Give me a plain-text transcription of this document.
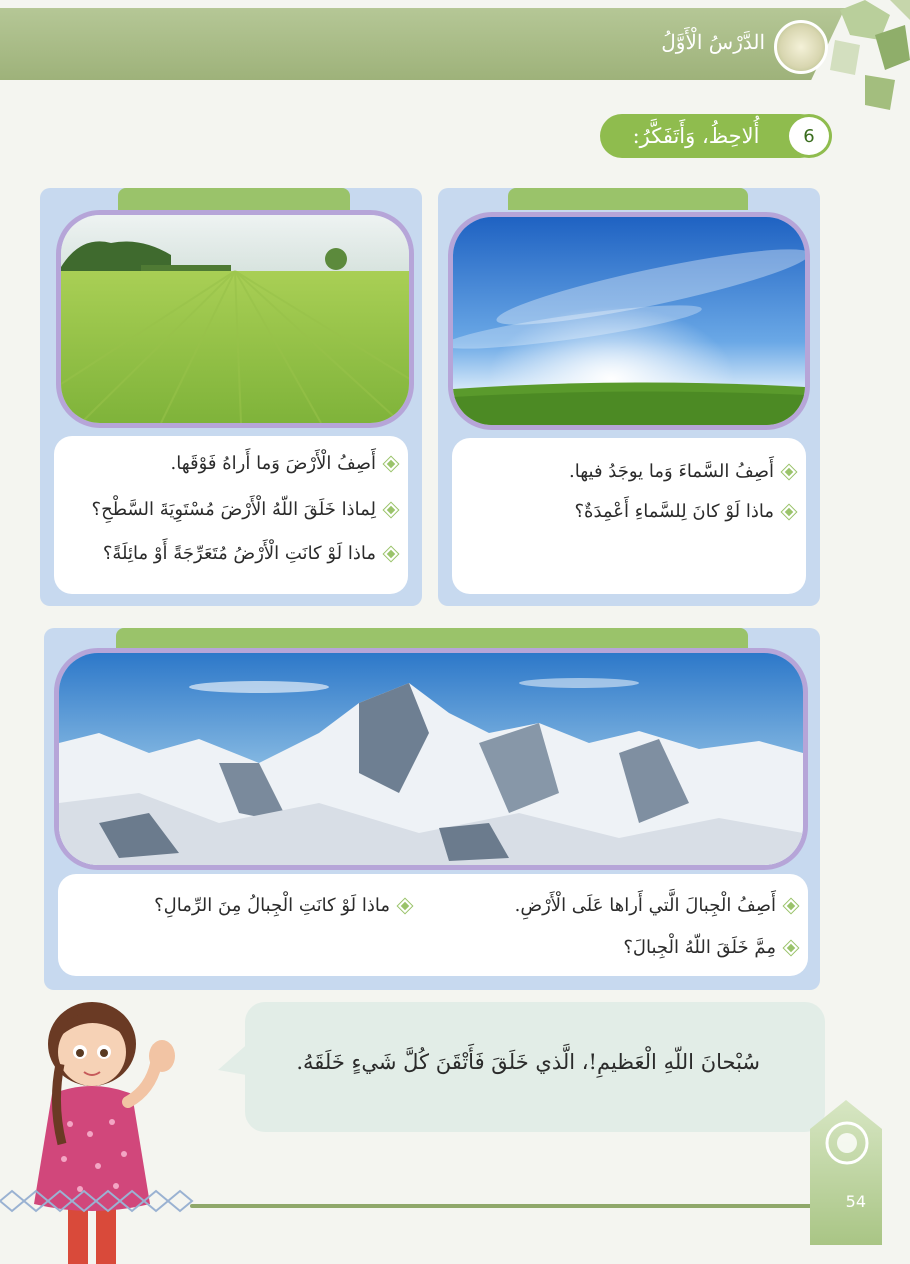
الدَّرْسُ الْأَوَّلُ
أُلاحِظُ، وَأَتَفَكَّرُ:	6
أَصِفُ السَّماءَ وَما يوجَدُ فيها.
ماذا لَوْ كانَ لِلسَّماءِ أَعْمِدَةٌ؟
أَصِفُ الْأَرْضَ وَما أَراهُ فَوْقَها.
لِماذا خَلَقَ اللّهُ الْأَرْضَ مُسْتَوِيَةَ السَّطْحِ؟
ماذا لَوْ كانَتِ الْأَرْضُ مُتَعَرِّجَةً أَوْ مائِلَةً؟
أَصِفُ الْجِبالَ الَّتي أَراها عَلَى الْأَرْضِ.
ماذا لَوْ كانَتِ الْجِبالُ مِنَ الرِّمالِ؟
مِمَّ خَلَقَ اللّهُ الْجِبالَ؟
سُبْحانَ اللّهِ الْعَظيمِ!، الَّذي خَلَقَ فَأَتْقَنَ كُلَّ شَيءٍ خَلَقَهُ.
54
